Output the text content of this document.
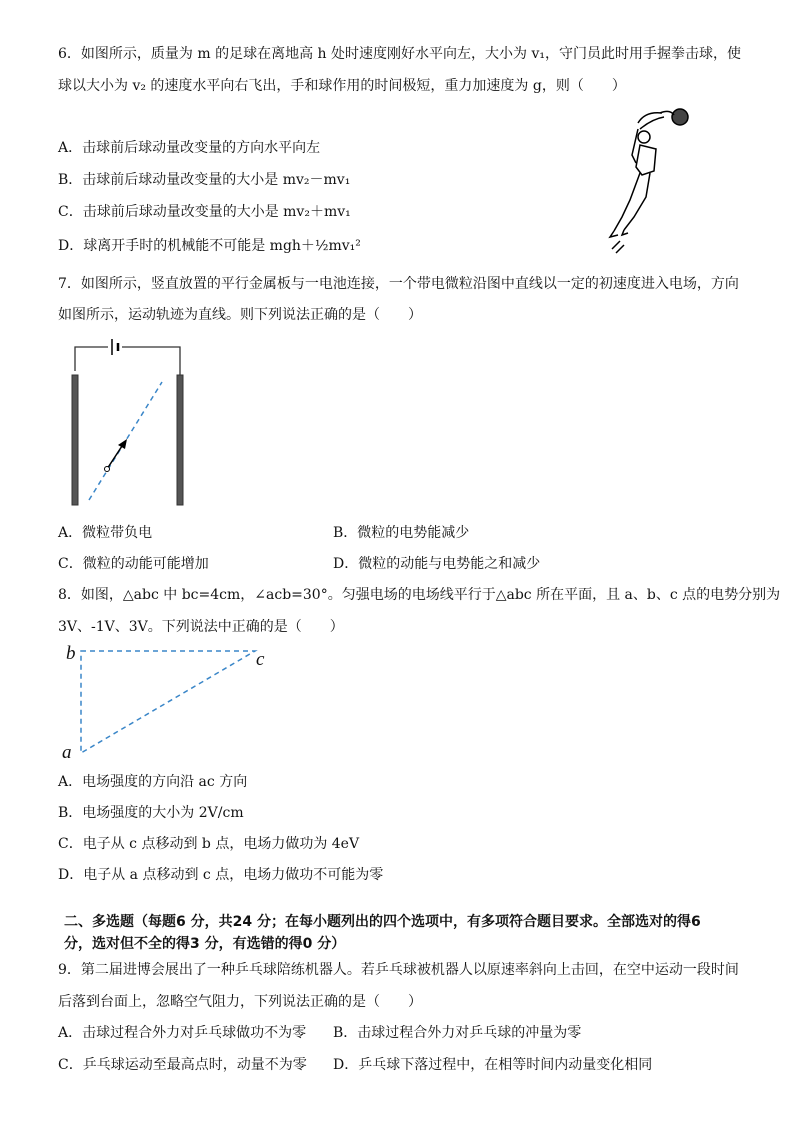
6．如图所示，质量为 m 的足球在离地高 h 处时速度刚好水平向左，大小为 v₁，守门员此时用手握拳击球，使
球以大小为 v₂ 的速度水平向右飞出，手和球作用的时间极短，重力加速度为 g，则（　　）
A．击球前后球动量改变量的方向水平向左
B．击球前后球动量改变量的大小是 mv₂－mv₁
C．击球前后球动量改变量的大小是 mv₂＋mv₁
D．球离开手时的机械能不可能是 mgh＋½mv₁²
7．如图所示，竖直放置的平行金属板与一电池连接，一个带电微粒沿图中直线以一定的初速度进入电场，方向
如图所示，运动轨迹为直线。则下列说法正确的是（　　）
A．微粒带负电	B．微粒的电势能减少
C．微粒的动能可能增加	D．微粒的动能与电势能之和减少
8．如图，△abc 中 bc=4cm，∠acb=30°。匀强电场的电场线平行于△abc 所在平面，且 a、b、c 点的电势分别为
3V、-1V、3V。下列说法中正确的是（　　）
b	c
a
A．电场强度的方向沿 ac 方向
B．电场强度的大小为 2V/cm
C．电子从 c 点移动到 b 点，电场力做功为 4eV
D．电子从 a 点移动到 c 点，电场力做功不可能为零
二、多选题（每题6 分，共24 分；在每小题列出的四个选项中，有多项符合题目要求。全部选对的得6
分，选对但不全的得3 分，有选错的得0 分）
9．第二届进博会展出了一种乒乓球陪练机器人。若乒乓球被机器人以原速率斜向上击回，在空中运动一段时间
后落到台面上，忽略空气阻力，下列说法正确的是（　　）
A．击球过程合外力对乒乓球做功不为零 B．击球过程合外力对乒乓球的冲量为零
C．乒乓球运动至最高点时，动量不为零 D．乒乓球下落过程中，在相等时间内动量变化相同
